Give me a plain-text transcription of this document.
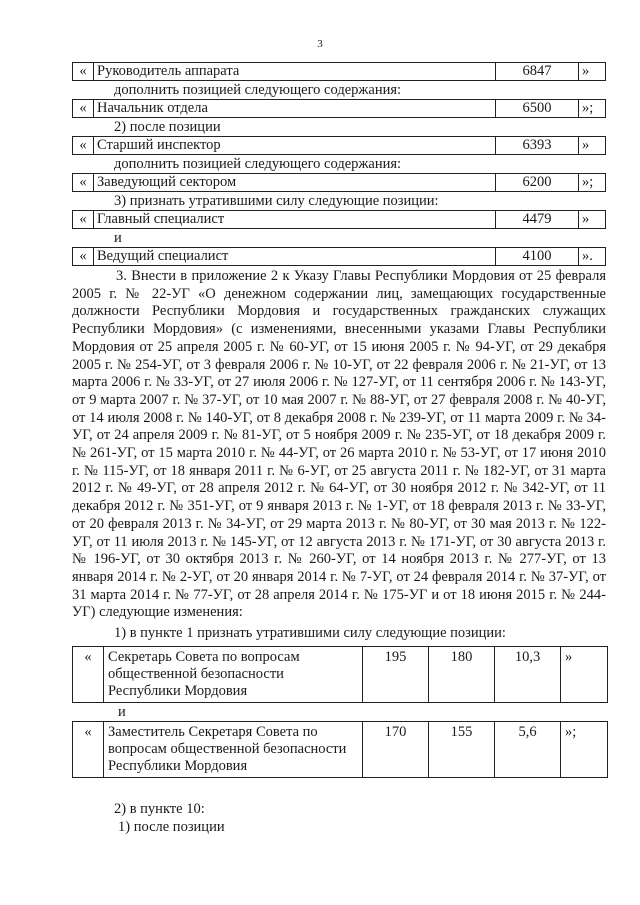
3
«	Руководитель аппарата	6847	»
дополнить позицией следующего содержания:
«	Начальник отдела	6500	»;
2) после позиции
«	Старший инспектор	6393	»
дополнить позицией следующего содержания:
«	Заведующий сектором	6200	»;
3) признать утратившими силу следующие позиции:
«	Главный специалист	4479	»
и
«	Ведущий специалист	4100	».

3. Внести в приложение 2 к Указу Главы Республики Мордовия от 25 февраля 2005 г. № 22-УГ «О денежном содержании лиц, замещающих государственные должности Республики Мордовия и государственных гражданских служащих Республики Мордовия» (с изменениями, внесенными указами Главы Республики Мордовия от 25 апреля 2005 г. № 60-УГ, от 15 июня 2005 г. № 94-УГ, от 29 декабря 2005 г. № 254-УГ, от 3 февраля 2006 г. № 10-УГ, от 22 февраля 2006 г. № 21-УГ, от 13 марта 2006 г. № 33-УГ, от 27 июля 2006 г. № 127-УГ, от 11 сентября 2006 г. № 143-УГ, от 9 марта 2007 г. № 37-УГ, от 10 мая 2007 г. № 88-УГ, от 27 февраля 2008 г. № 40-УГ, от 14 июля 2008 г. № 140-УГ, от 8 декабря 2008 г. № 239-УГ, от 11 марта 2009 г. № 34-УГ, от 24 апреля 2009 г. № 81-УГ, от 5 ноября 2009 г. № 235-УГ, от 18 декабря 2009 г. № 261-УГ, от 15 марта 2010 г. № 44-УГ, от 26 марта 2010 г. № 53-УГ, от 17 июня 2010 г. № 115-УГ, от 18 января 2011 г. № 6-УГ, от 25 августа 2011 г. № 182-УГ, от 31 марта 2012 г. № 49-УГ, от 28 апреля 2012 г. № 64-УГ, от 30 ноября 2012 г. № 342-УГ, от 11 декабря 2012 г. № 351-УГ, от 9 января 2013 г. № 1-УГ, от 18 февраля 2013 г. № 33-УГ, от 20 февраля 2013 г. № 34-УГ, от 29 марта 2013 г. № 80-УГ, от 30 мая 2013 г. № 122-УГ, от 11 июля 2013 г. № 145-УГ, от 12 августа 2013 г. № 171-УГ, от 30 августа 2013 г. № 196-УГ, от 30 октября 2013 г. № 260-УГ, от 14 ноября 2013 г. № 277-УГ, от 13 января 2014 г. № 2-УГ, от 20 января 2014 г. № 7-УГ, от 24 февраля 2014 г. № 37-УГ, от 31 марта 2014 г. № 77-УГ, от 28 апреля 2014 г. № 175-УГ и от 18 июня 2015 г. № 244-УГ) следующие изменения:

1) в пункте 1 признать утратившими силу следующие позиции:
«	Секретарь Совета по вопросам общественной безопасности Республики Мордовия	195	180	10,3	»
и
«	Заместитель Секретаря Совета по вопросам общественной безопасности Республики Мордовия	170	155	5,6	»;
2) в пункте 10:
1) после позиции
